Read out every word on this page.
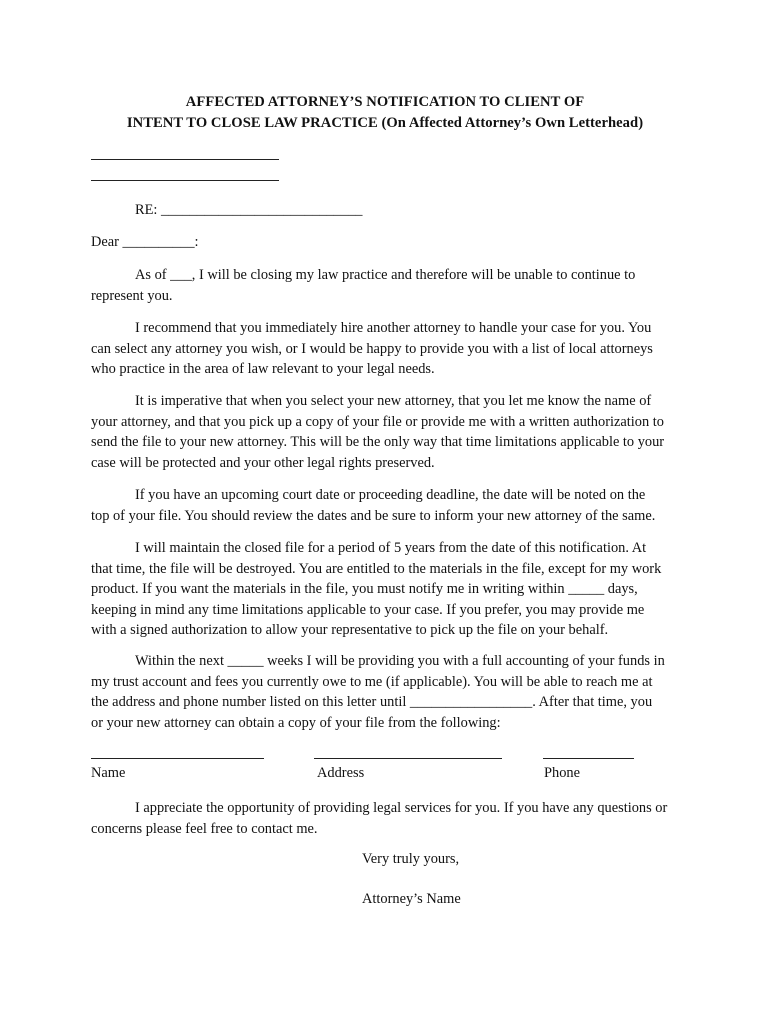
AFFECTED ATTORNEY’S NOTIFICATION TO CLIENT OF
INTENT TO CLOSE LAW PRACTICE (On Affected Attorney’s Own Letterhead)
RE: ____________________________
Dear __________:
As of ___, I will be closing my law practice and therefore will be unable to continue to
represent you.
I recommend that you immediately hire another attorney to handle your case for you. You
can select any attorney you wish, or I would be happy to provide you with a list of local attorneys
who practice in the area of law relevant to your legal needs.
It is imperative that when you select your new attorney, that you let me know the name of
your attorney, and that you pick up a copy of your file or provide me with a written authorization to
send the file to your new attorney. This will be the only way that time limitations applicable to your
case will be protected and your other legal rights preserved.
If you have an upcoming court date or proceeding deadline, the date will be noted on the
top of your file. You should review the dates and be sure to inform your new attorney of the same.
I will maintain the closed file for a period of 5 years from the date of this notification. At
that time, the file will be destroyed. You are entitled to the materials in the file, except for my work
product. If you want the materials in the file, you must notify me in writing within _____ days,
keeping in mind any time limitations applicable to your case. If you prefer, you may provide me
with a signed authorization to allow your representative to pick up the file on your behalf.
Within the next _____ weeks I will be providing you with a full accounting of your funds in
my trust account and fees you currently owe to me (if applicable). You will be able to reach me at
the address and phone number listed on this letter until _________________. After that time, you
or your new attorney can obtain a copy of your file from the following:
Name	Address	Phone
I appreciate the opportunity of providing legal services for you. If you have any questions or
concerns please feel free to contact me.
Very truly yours,
Attorney’s Name
